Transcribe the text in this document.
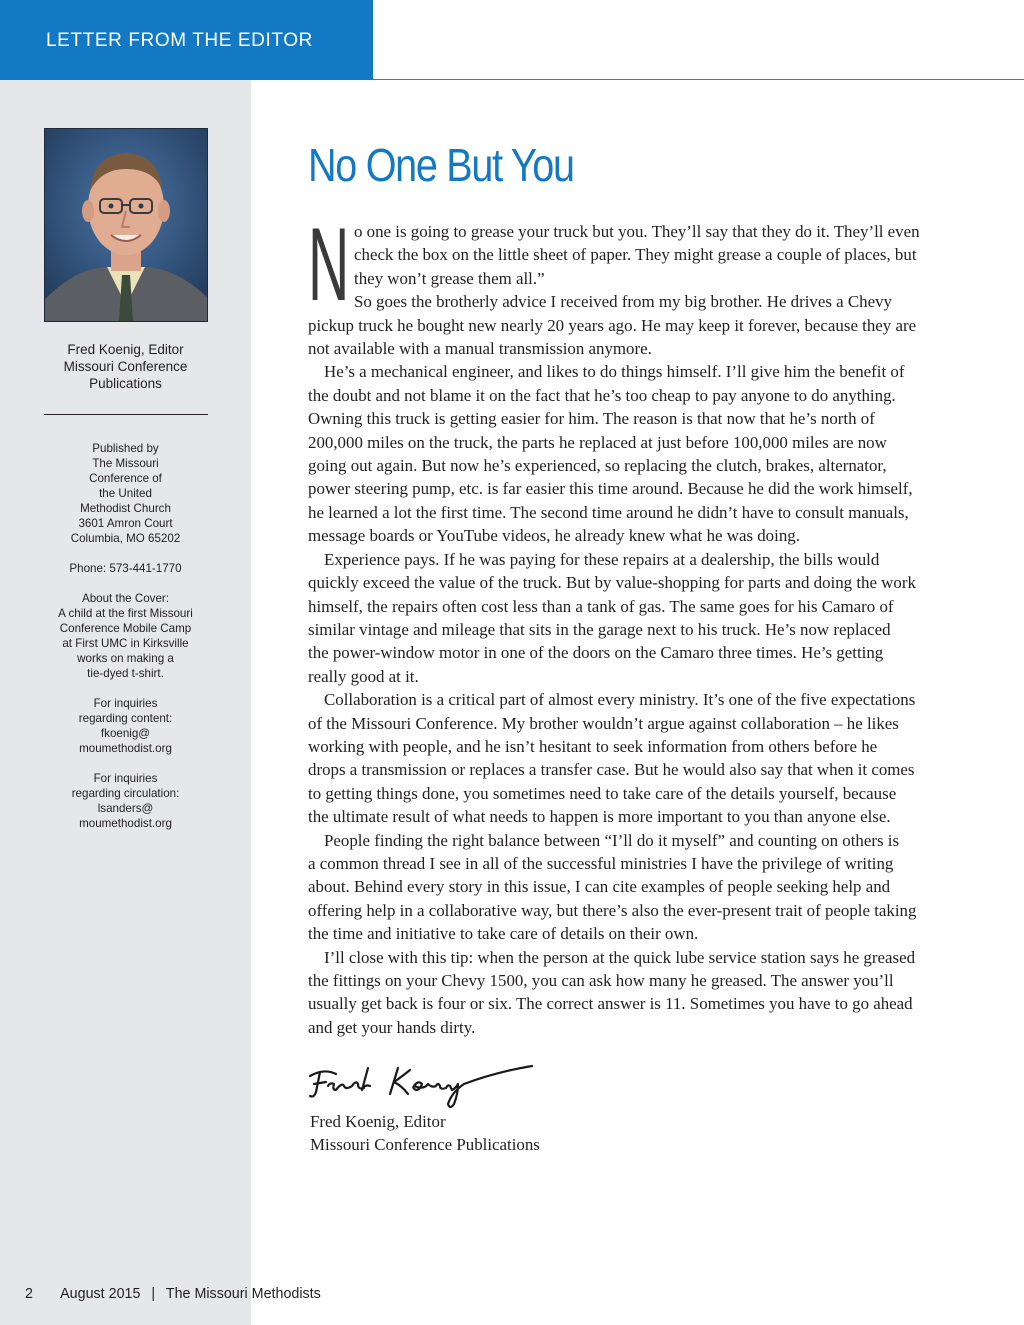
LETTER FROM THE EDITOR
Fred Koenig, Editor
Missouri Conference
Publications
Published by
The Missouri
Conference of
the United
Methodist Church
3601 Amron Court
Columbia, MO 65202
Phone: 573-441-1770
About the Cover:
A child at the first Missouri
Conference Mobile Camp
at First UMC in Kirksville
works on making a
tie-dyed t-shirt.
For inquiries
regarding content:
fkoenig@
moumethodist.org
For inquiries
regarding circulation:
lsanders@
moumethodist.org
No One But You
N o one is going to grease your truck but you. They’ll say that they do it. They’ll even

check the box on the little sheet of paper. They might grease a couple of places, but

they won’t grease them all.”

So goes the brotherly advice I received from my big brother. He drives a Chevy

pickup truck he bought new nearly 20 years ago. He may keep it forever, because they are

not available with a manual transmission anymore.

He’s a mechanical engineer, and likes to do things himself. I’ll give him the benefit of

the doubt and not blame it on the fact that he’s too cheap to pay anyone to do anything.

Owning this truck is getting easier for him. The reason is that now that he’s north of

200,000 miles on the truck, the parts he replaced at just before 100,000 miles are now

going out again. But now he’s experienced, so replacing the clutch, brakes, alternator,

power steering pump, etc. is far easier this time around. Because he did the work himself,

he learned a lot the first time. The second time around he didn’t have to consult manuals,

message boards or YouTube videos, he already knew what he was doing.

Experience pays. If he was paying for these repairs at a dealership, the bills would

quickly exceed the value of the truck. But by value-shopping for parts and doing the work

himself, the repairs often cost less than a tank of gas. The same goes for his Camaro of

similar vintage and mileage that sits in the garage next to his truck. He’s now replaced

the power-window motor in one of the doors on the Camaro three times. He’s getting

really good at it.

Collaboration is a critical part of almost every ministry. It’s one of the five expectations

of the Missouri Conference. My brother wouldn’t argue against collaboration – he likes

working with people, and he isn’t hesitant to seek information from others before he

drops a transmission or replaces a transfer case. But he would also say that when it comes

to getting things done, you sometimes need to take care of the details yourself, because

the ultimate result of what needs to happen is more important to you than anyone else.

People finding the right balance between “I’ll do it myself” and counting on others is

a common thread I see in all of the successful ministries I have the privilege of writing

about. Behind every story in this issue, I can cite examples of people seeking help and

offering help in a collaborative way, but there’s also the ever-present trait of people taking

the time and initiative to take care of details on their own.

I’ll close with this tip: when the person at the quick lube service station says he greased

the fittings on your Chevy 1500, you can ask how many he greased. The answer you’ll

usually get back is four or six. The correct answer is 11. Sometimes you have to go ahead

and get your hands dirty.

Fred Koenig, Editor
Missouri Conference Publications
2 August 2015 | The Missouri Methodists
